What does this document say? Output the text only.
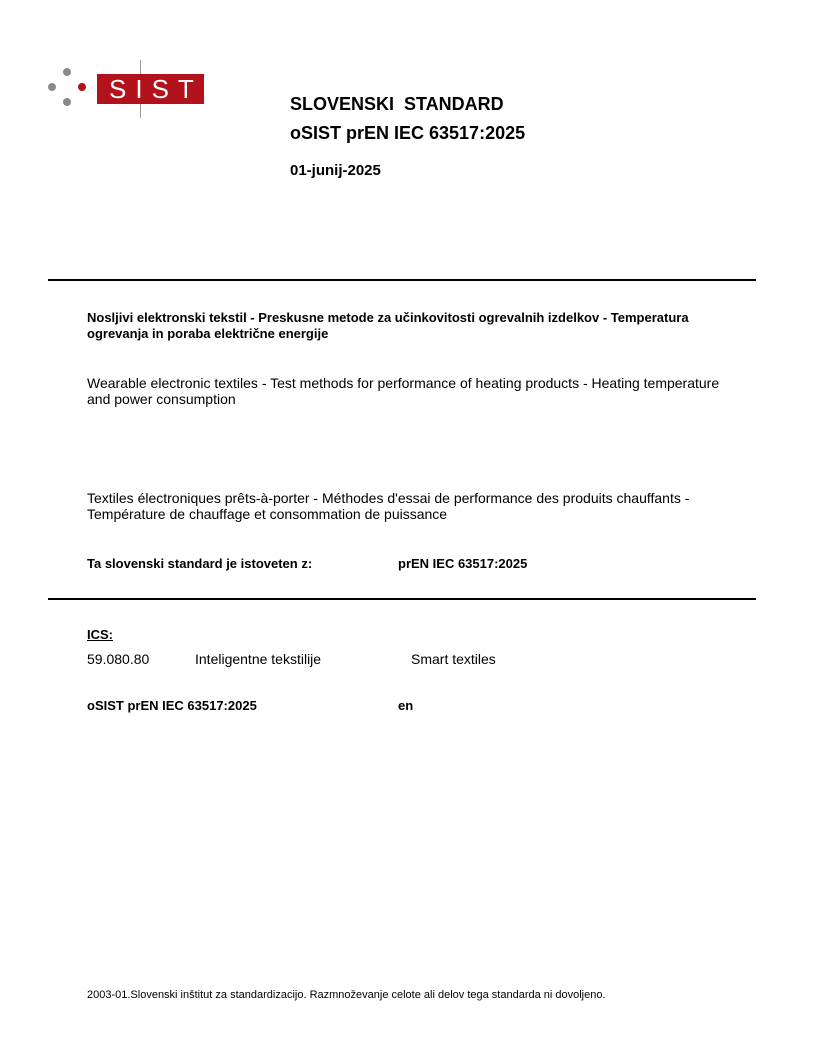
SIST	SLOVENSKI  STANDARD
oSIST prEN IEC 63517:2025
01-junij-2025
Nosljivi elektronski tekstil - Preskusne metode za učinkovitosti ogrevalnih izdelkov - Temperatura ogrevanja in poraba električne energije
Wearable electronic textiles - Test methods for performance of heating products - Heating temperature and power consumption
Textiles électroniques prêts-à-porter - Méthodes d'essai de performance des produits chauffants - Température de chauffage et consommation de puissance
Ta slovenski standard je istoveten z:	prEN IEC 63517:2025
ICS:
59.080.80	Inteligentne tekstilije	Smart textiles
oSIST prEN IEC 63517:2025	en
2003-01.Slovenski inštitut za standardizacijo. Razmnoževanje celote ali delov tega standarda ni dovoljeno.
